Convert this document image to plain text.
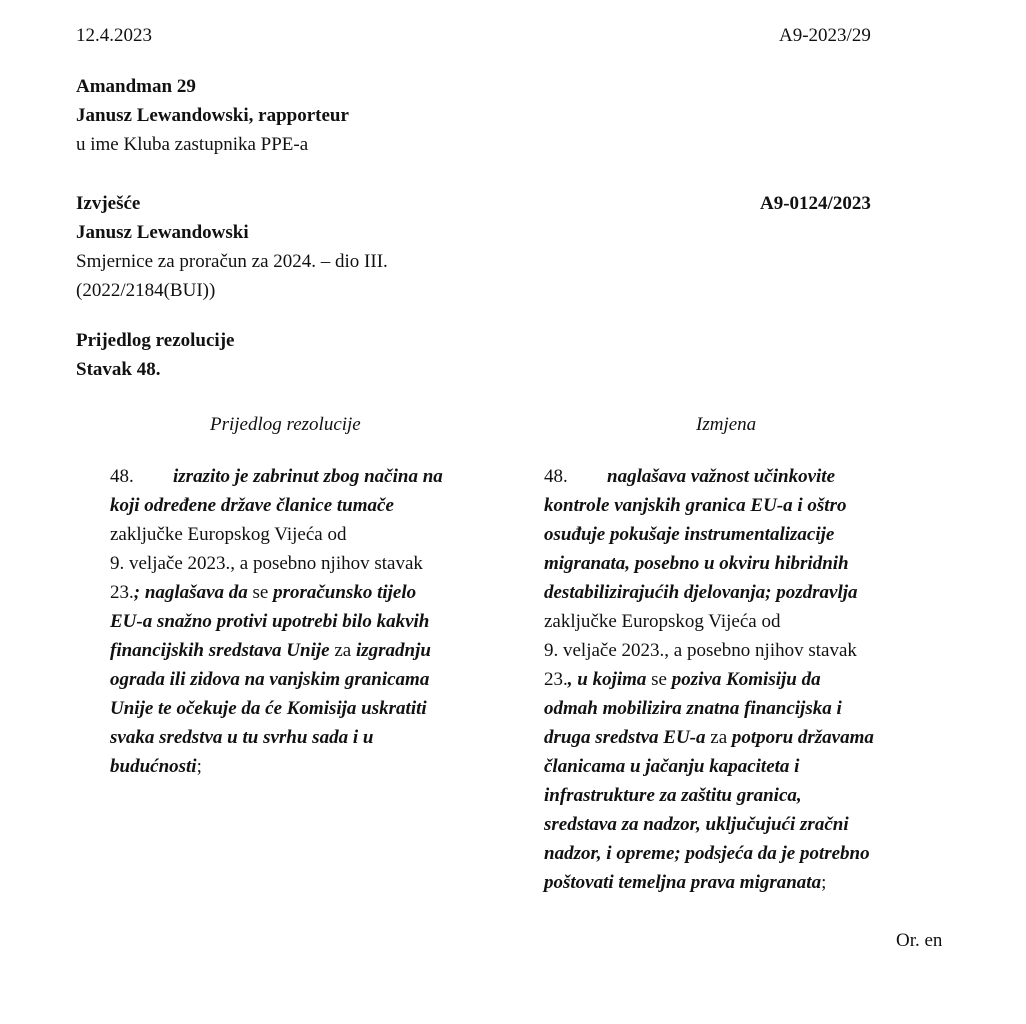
12.4.2023	A9-2023/29
Amandman 29
Janusz Lewandowski, rapporteur
u ime Kluba zastupnika PPE-a
Izvješće	A9-0124/2023
Janusz Lewandowski
Smjernice za proračun za 2024. – dio III.
(2022/2184(BUI))
Prijedlog rezolucije
Stavak 48.
Prijedlog rezolucije	Izmjena
48. izrazito je zabrinut zbog načina na
koji određene države članice tumače
zaključke Europskog Vijeća od
9. veljače 2023., a posebno njihov stavak
23.; naglašava da se proračunsko tijelo
EU-a snažno protivi upotrebi bilo kakvih
financijskih sredstava Unije za izgradnju
ograda ili zidova na vanjskim granicama
Unije te očekuje da će Komisija uskratiti
svaka sredstva u tu svrhu sada i u
budućnosti;
48. naglašava važnost učinkovite
kontrole vanjskih granica EU-a i oštro
osuđuje pokušaje instrumentalizacije
migranata, posebno u okviru hibridnih
destabilizirajućih djelovanja; pozdravlja
zaključke Europskog Vijeća od
9. veljače 2023., a posebno njihov stavak
23., u kojima se poziva Komisiju da
odmah mobilizira znatna financijska i
druga sredstva EU-a za potporu državama
članicama u jačanju kapaciteta i
infrastrukture za zaštitu granica,
sredstava za nadzor, uključujući zračni
nadzor, i opreme; podsjeća da je potrebno
poštovati temeljna prava migranata;
Or. en
